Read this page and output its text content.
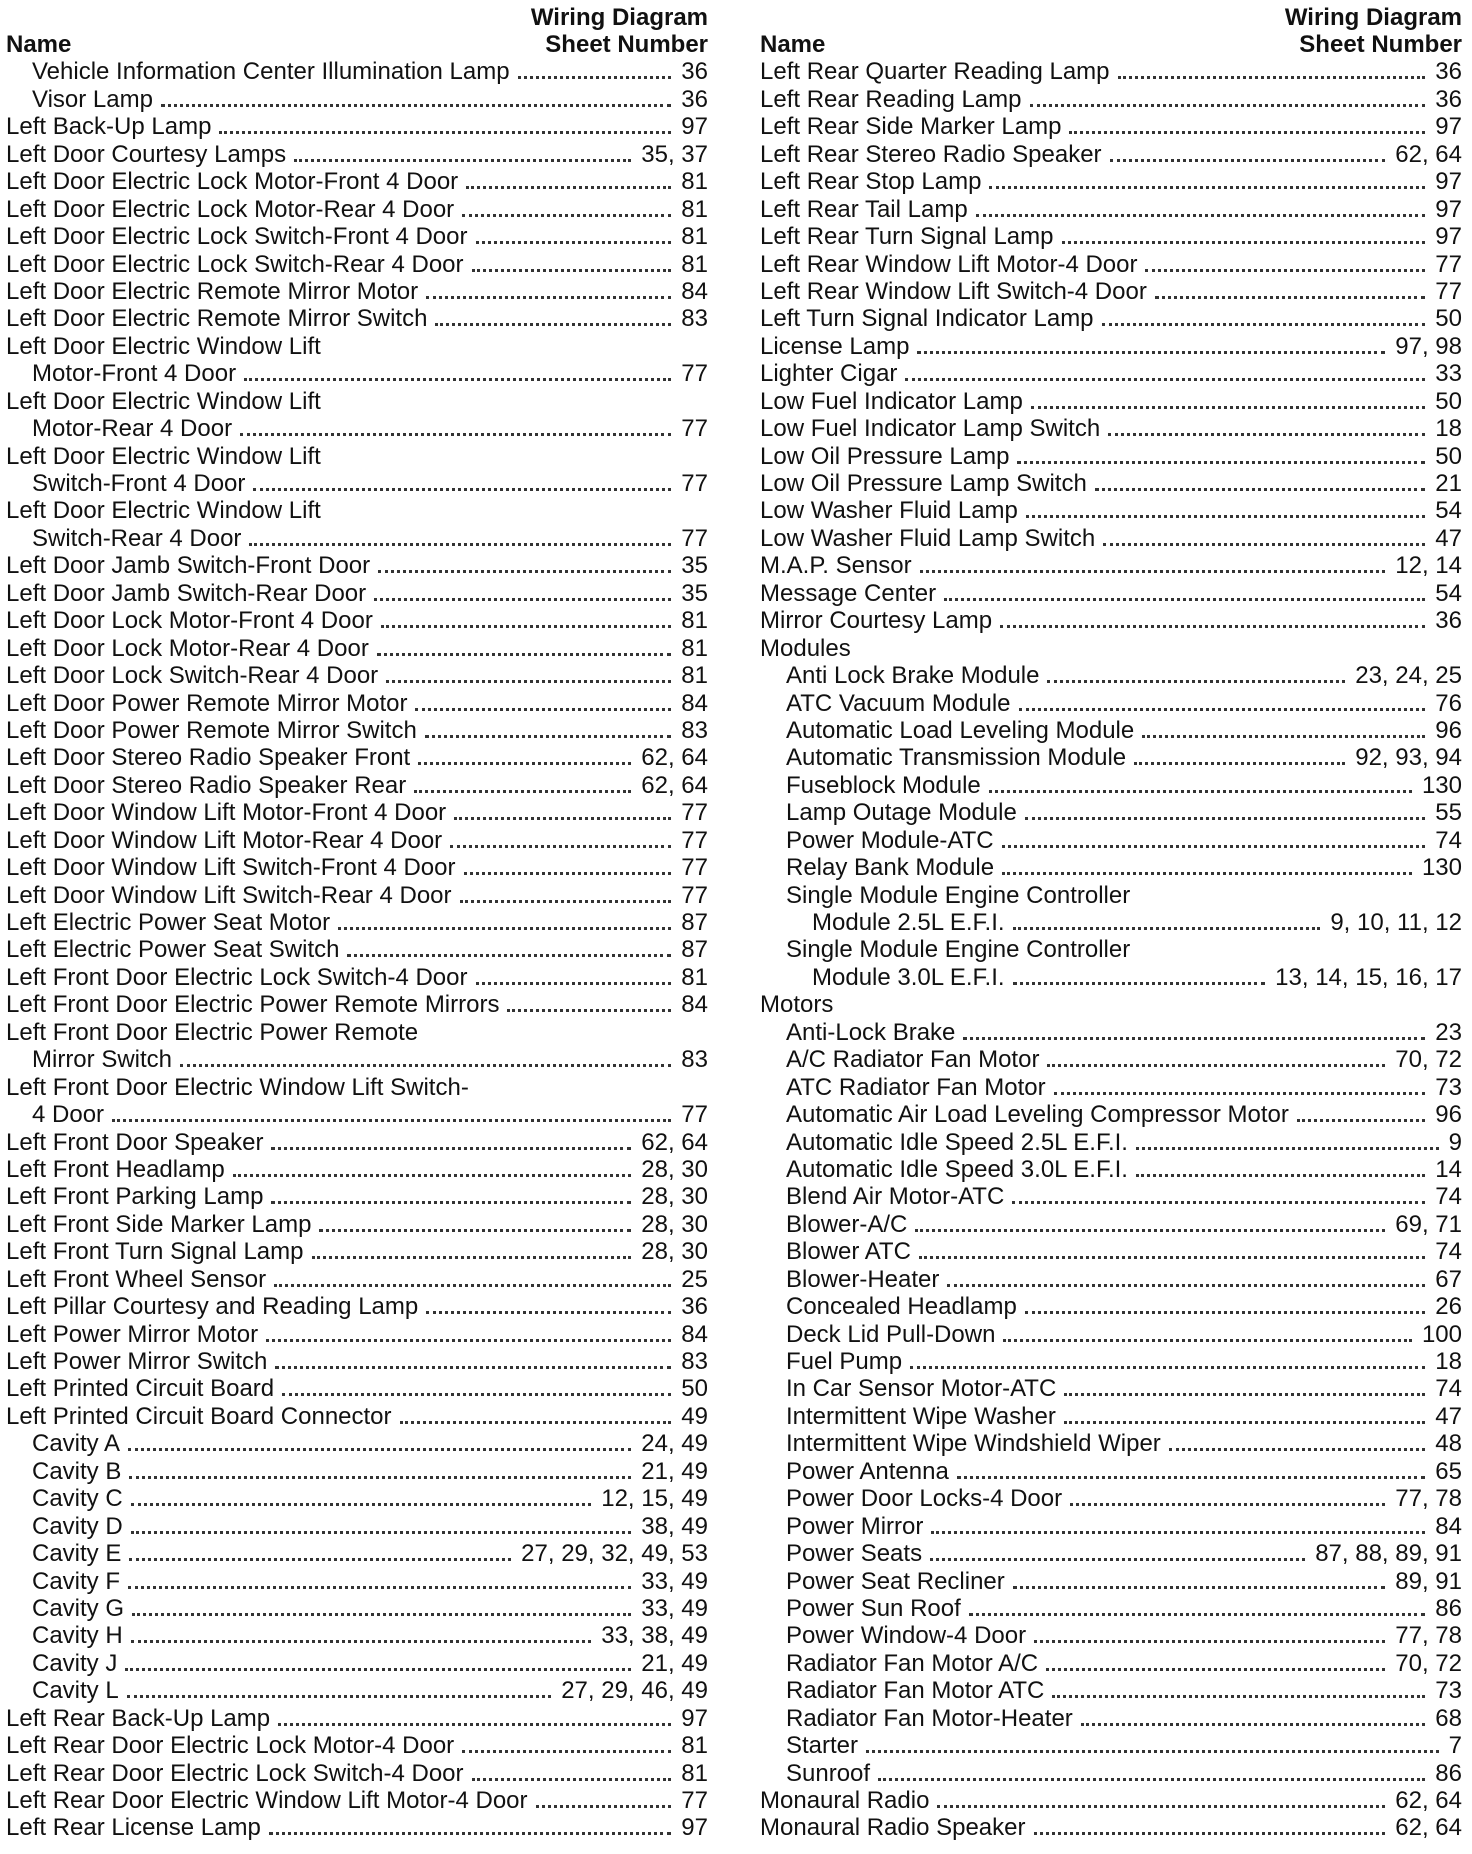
Name
Wiring Diagram
Sheet Number
Vehicle Information Center Illumination Lamp	36
Visor Lamp	36
Left Back-Up Lamp	97
Left Door Courtesy Lamps	35, 37
Left Door Electric Lock Motor-Front 4 Door	81
Left Door Electric Lock Motor-Rear 4 Door	81
Left Door Electric Lock Switch-Front 4 Door	81
Left Door Electric Lock Switch-Rear 4 Door	81
Left Door Electric Remote Mirror Motor	84
Left Door Electric Remote Mirror Switch	83
Left Door Electric Window Lift
Motor-Front 4 Door	77
Left Door Electric Window Lift
Motor-Rear 4 Door	77
Left Door Electric Window Lift
Switch-Front 4 Door	77
Left Door Electric Window Lift
Switch-Rear 4 Door	77
Left Door Jamb Switch-Front Door	35
Left Door Jamb Switch-Rear Door	35
Left Door Lock Motor-Front 4 Door	81
Left Door Lock Motor-Rear 4 Door	81
Left Door Lock Switch-Rear 4 Door	81
Left Door Power Remote Mirror Motor	84
Left Door Power Remote Mirror Switch	83
Left Door Stereo Radio Speaker Front	62, 64
Left Door Stereo Radio Speaker Rear	62, 64
Left Door Window Lift Motor-Front 4 Door	77
Left Door Window Lift Motor-Rear 4 Door	77
Left Door Window Lift Switch-Front 4 Door	77
Left Door Window Lift Switch-Rear 4 Door	77
Left Electric Power Seat Motor	87
Left Electric Power Seat Switch	87
Left Front Door Electric Lock Switch-4 Door	81
Left Front Door Electric Power Remote Mirrors	84
Left Front Door Electric Power Remote
Mirror Switch	83
Left Front Door Electric Window Lift Switch-
4 Door	77
Left Front Door Speaker	62, 64
Left Front Headlamp	28, 30
Left Front Parking Lamp	28, 30
Left Front Side Marker Lamp	28, 30
Left Front Turn Signal Lamp	28, 30
Left Front Wheel Sensor	25
Left Pillar Courtesy and Reading Lamp	36
Left Power Mirror Motor	84
Left Power Mirror Switch	83
Left Printed Circuit Board	50
Left Printed Circuit Board Connector	49
Cavity A	24, 49
Cavity B	21, 49
Cavity C	12, 15, 49
Cavity D	38, 49
Cavity E	27, 29, 32, 49, 53
Cavity F	33, 49
Cavity G	33, 49
Cavity H	33, 38, 49
Cavity J	21, 49
Cavity L	27, 29, 46, 49
Left Rear Back-Up Lamp	97
Left Rear Door Electric Lock Motor-4 Door	81
Left Rear Door Electric Lock Switch-4 Door	81
Left Rear Door Electric Window Lift Motor-4 Door	77
Left Rear License Lamp	97
Name
Wiring Diagram
Sheet Number
Left Rear Quarter Reading Lamp	36
Left Rear Reading Lamp	36
Left Rear Side Marker Lamp	97
Left Rear Stereo Radio Speaker	62, 64
Left Rear Stop Lamp	97
Left Rear Tail Lamp	97
Left Rear Turn Signal Lamp	97
Left Rear Window Lift Motor-4 Door	77
Left Rear Window Lift Switch-4 Door	77
Left Turn Signal Indicator Lamp	50
License Lamp	97, 98
Lighter Cigar	33
Low Fuel Indicator Lamp	50
Low Fuel Indicator Lamp Switch	18
Low Oil Pressure Lamp	50
Low Oil Pressure Lamp Switch	21
Low Washer Fluid Lamp	54
Low Washer Fluid Lamp Switch	47
M.A.P. Sensor	12, 14
Message Center	54
Mirror Courtesy Lamp	36
Modules
Anti Lock Brake Module	23, 24, 25
ATC Vacuum Module	76
Automatic Load Leveling Module	96
Automatic Transmission Module	92, 93, 94
Fuseblock Module	130
Lamp Outage Module	55
Power Module-ATC	74
Relay Bank Module	130
Single Module Engine Controller
Module 2.5L E.F.I.	9, 10, 11, 12
Single Module Engine Controller
Module 3.0L E.F.I.	13, 14, 15, 16, 17
Motors
Anti-Lock Brake	23
A/C Radiator Fan Motor	70, 72
ATC Radiator Fan Motor	73
Automatic Air Load Leveling Compressor Motor	96
Automatic Idle Speed 2.5L E.F.I.	9
Automatic Idle Speed 3.0L E.F.I.	14
Blend Air Motor-ATC	74
Blower-A/C	69, 71
Blower ATC	74
Blower-Heater	67
Concealed Headlamp	26
Deck Lid Pull-Down	100
Fuel Pump	18
In Car Sensor Motor-ATC	74
Intermittent Wipe Washer	47
Intermittent Wipe Windshield Wiper	48
Power Antenna	65
Power Door Locks-4 Door	77, 78
Power Mirror	84
Power Seats	87, 88, 89, 91
Power Seat Recliner	89, 91
Power Sun Roof	86
Power Window-4 Door	77, 78
Radiator Fan Motor A/C	70, 72
Radiator Fan Motor ATC	73
Radiator Fan Motor-Heater	68
Starter	7
Sunroof	86
Monaural Radio	62, 64
Monaural Radio Speaker	62, 64
